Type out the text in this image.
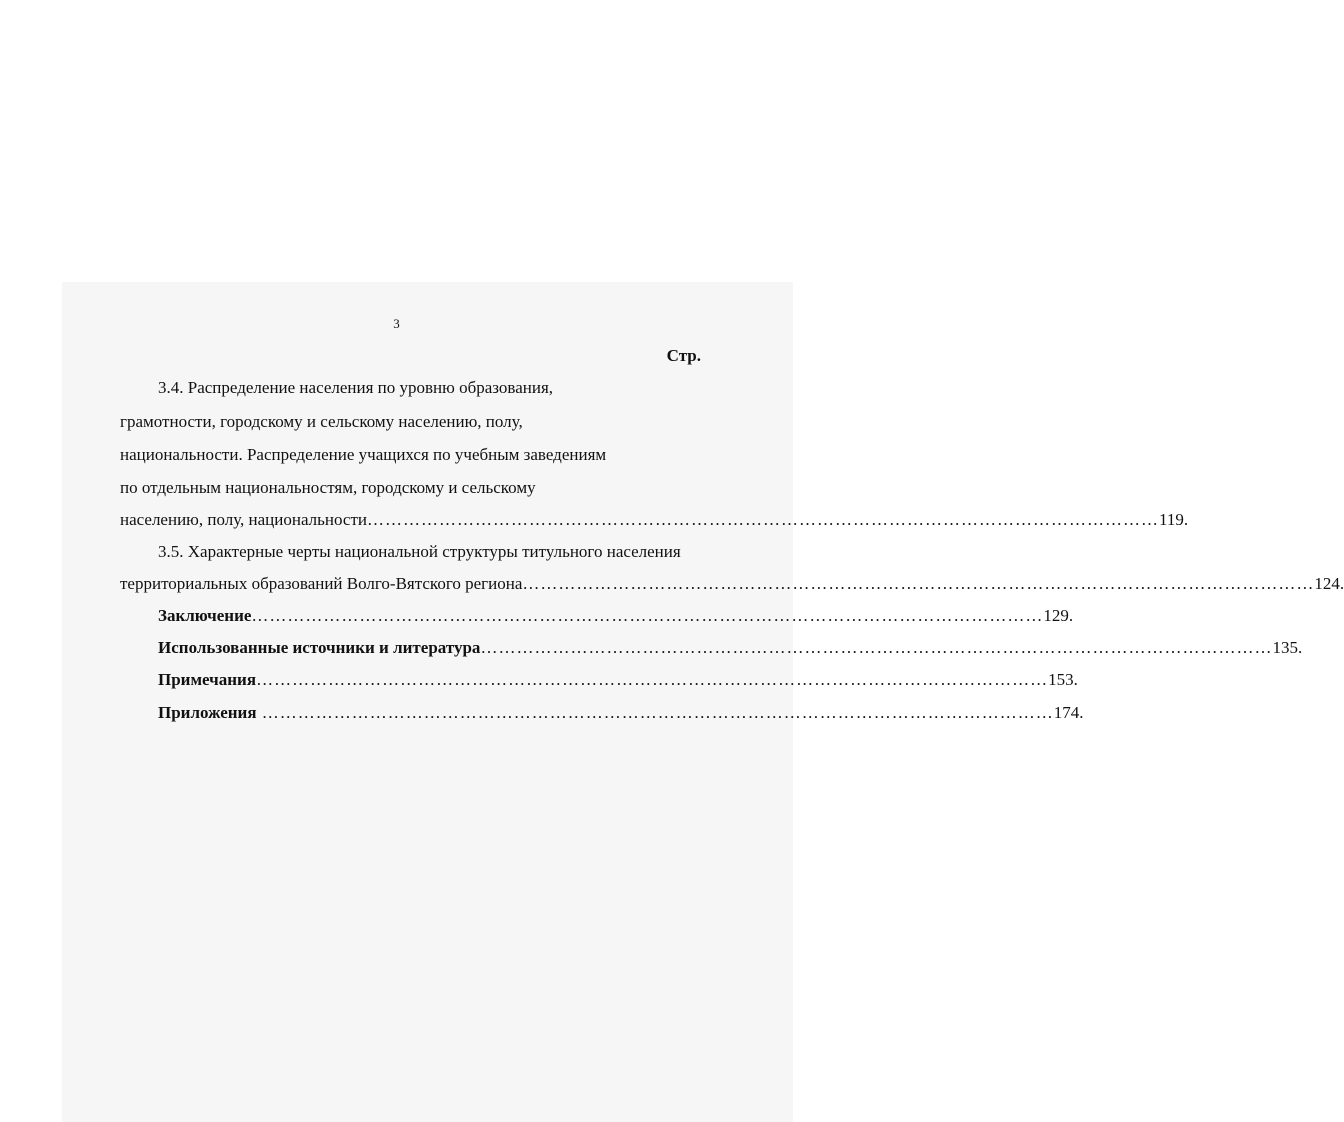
3
Стр.
3.4. Распределение населения по уровню образования,
грамотности, городскому и сельскому населению, полу,
национальности. Распределение учащихся по учебным заведениям
по отдельным национальностям, городскому и сельскому
населению, полу, национальности …………………………………………………………………………………………………………………… 119.
3.5. Характерные черты национальной структуры титульного населения
территориальных образований Волго-Вятского региона …………………………………………………………………………………………………………………… 124.
Заключение …………………………………………………………………………………………………………………… 129.
Использованные источники и литература …………………………………………………………………………………………………………………… 135.
Примечания …………………………………………………………………………………………………………………… 153.
Приложения …………………………………………………………………………………………………………………… 174.
